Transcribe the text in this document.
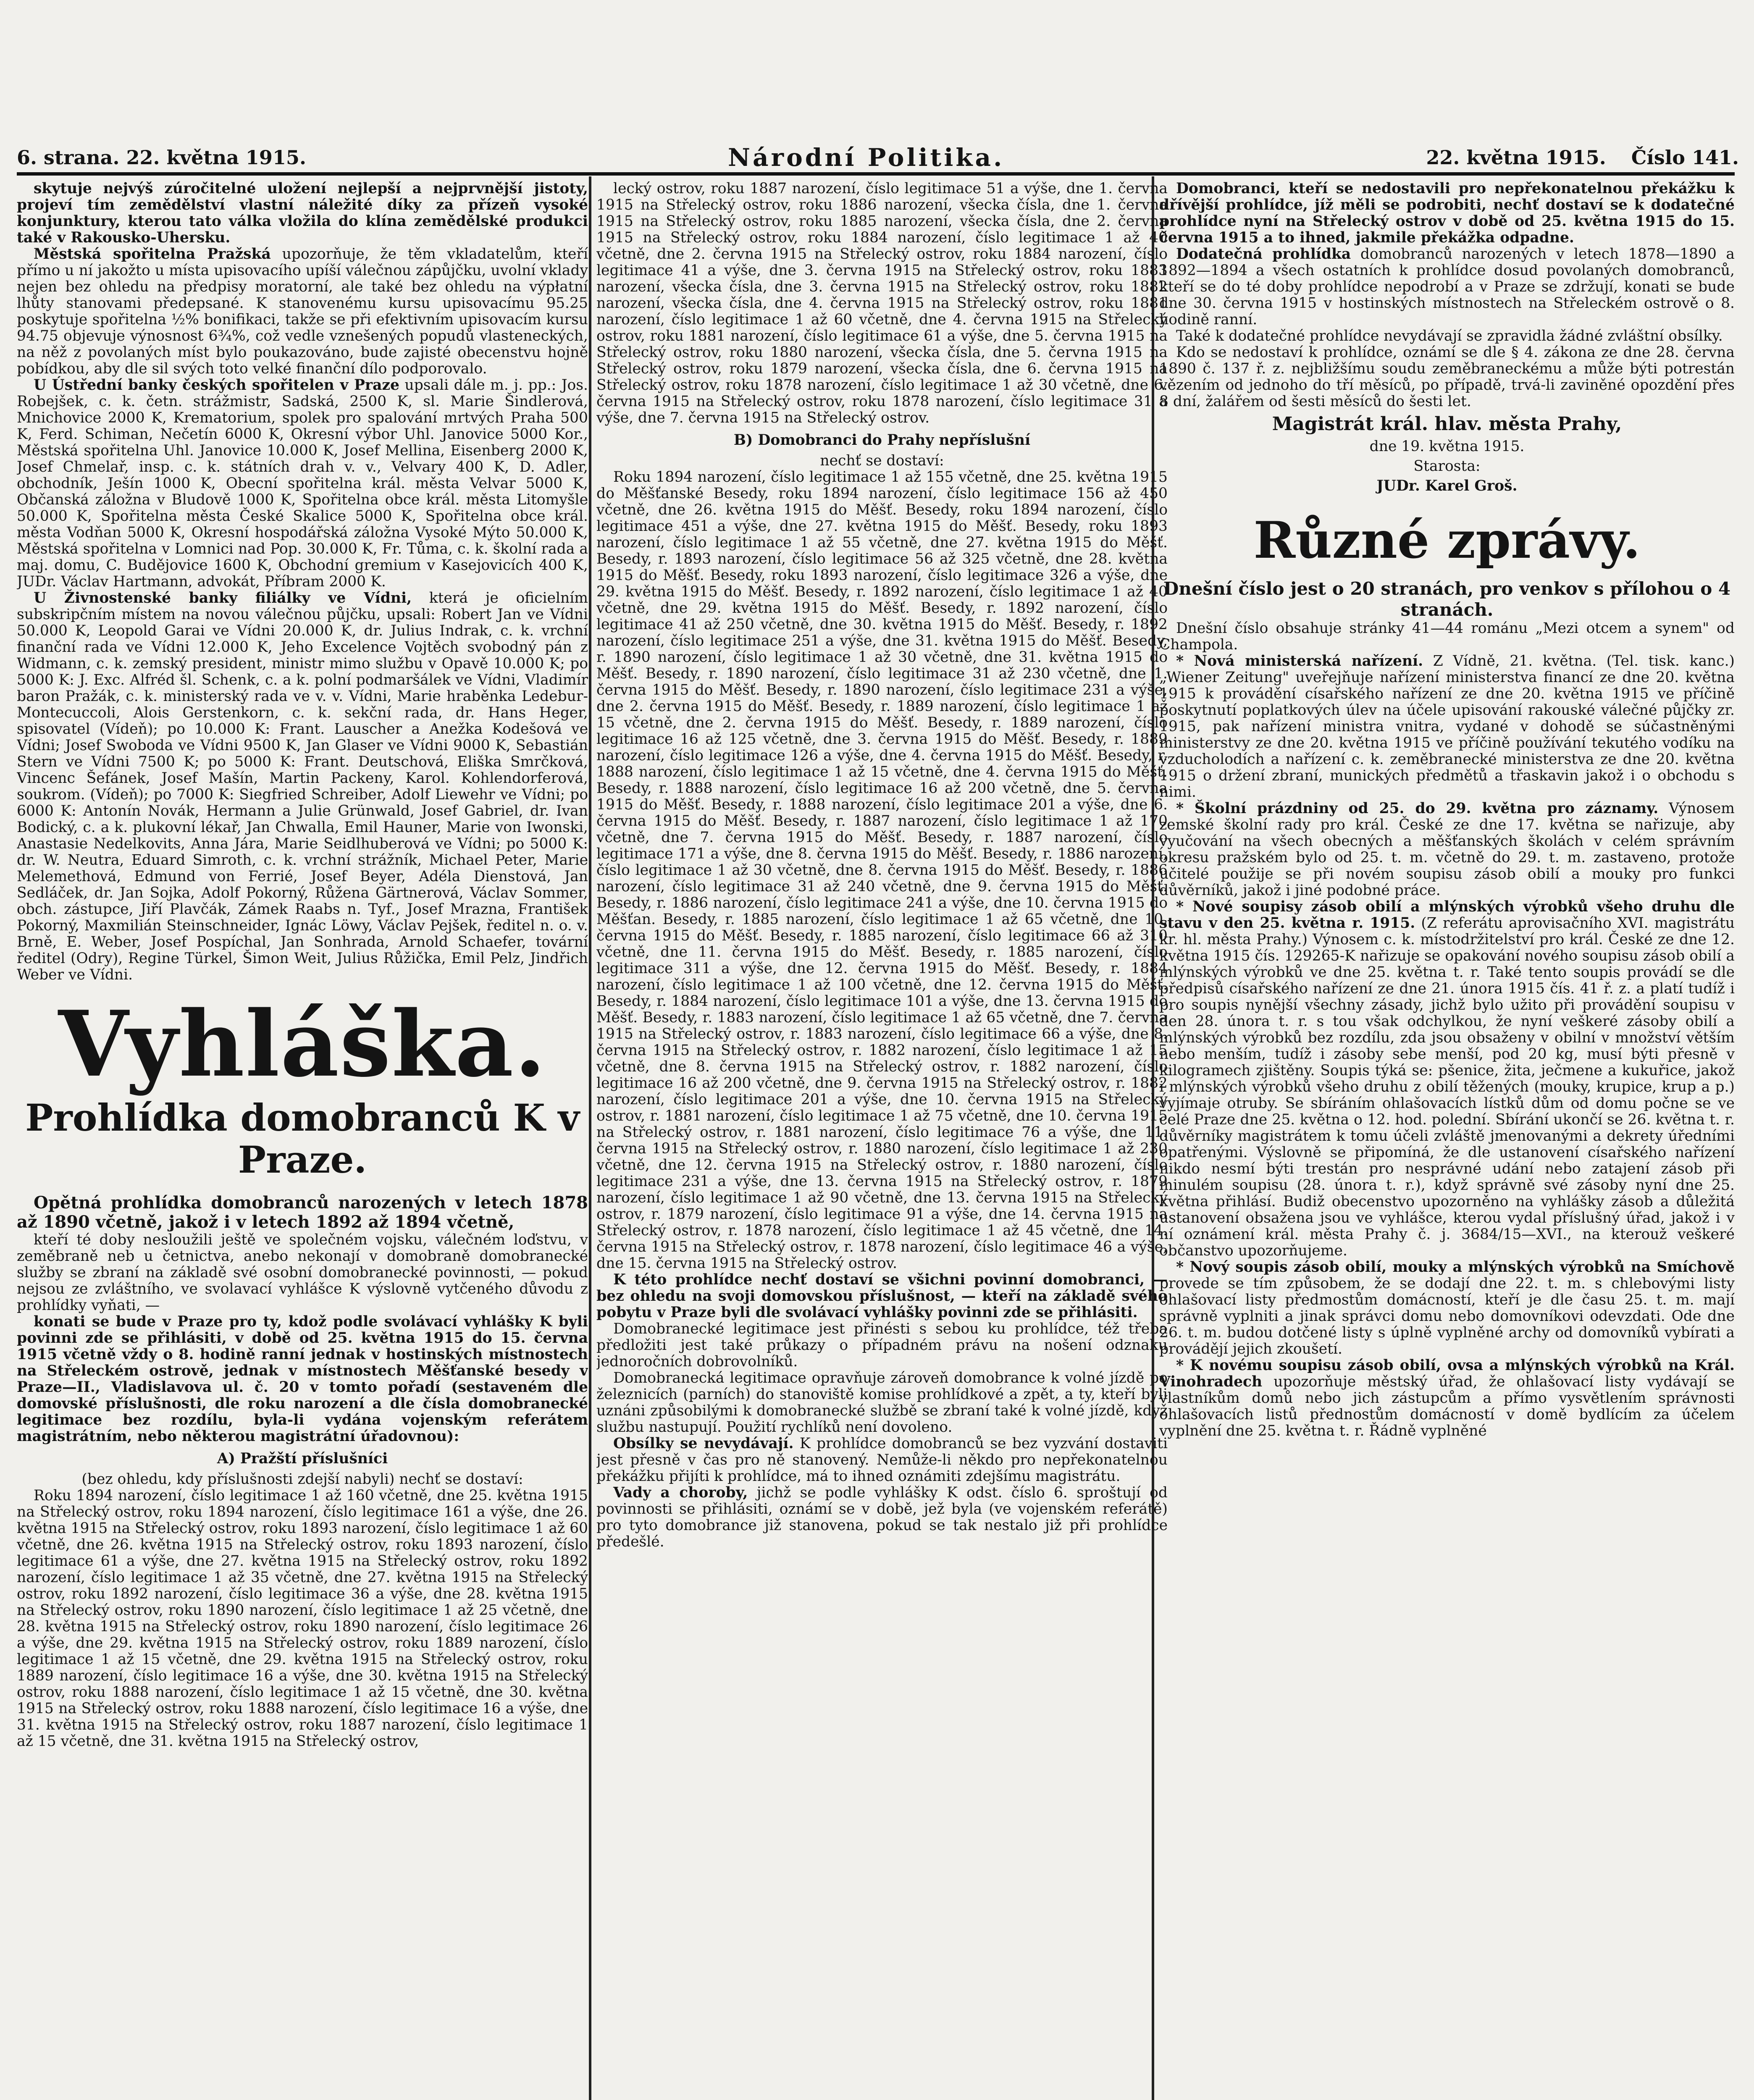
6. strana. 22. května 1915.	Národní Politika.	22. května 1915. Číslo 141.

skytuje nejvýš zúročitelné uložení nejlepší a nejprvnější jistoty, projeví tím zemědělství vlastní náležité díky za přízeň vysoké konjunktury, kterou tato válka vložila do klína zemědělské produkci také v Rakousko-Uhersku.

Městská spořitelna Pražská upozorňuje, že těm vkladatelům, kteří přímo u ní jakožto u místa upisovacího upíší válečnou zápůjčku, uvolní vklady nejen bez ohledu na předpisy moratorní, ale také bez ohledu na výpłatní lhůty stanovami předepsané. K stanovenému kursu upisovacímu 95.25 poskytuje spořitelna ½% bonifikaci, takže se při efektivním upisovacím kursu 94.75 objevuje výnosnost 6¾%, což vedle vznešených popudů vlasteneckých, na něž z povolaných míst bylo poukazováno, bude zajisté obecenstvu hojně pobídkou, aby dle sil svých toto velké finanční dílo podporovalo.

U Ústřední banky českých spořitelen v Praze upsali dále m. j. pp.: Jos. Robejšek, c. k. četn. strážmistr, Sadská, 2500 K, sl. Marie Šindlerová, Mnichovice 2000 K, Krematorium, spolek pro spalování mrtvých Praha 500 K, Ferd. Schiman, Nečetín 6000 K, Okresní výbor Uhl. Janovice 5000 Kor., Městská spořitelna Uhl. Janovice 10.000 K, Josef Mellina, Eisenberg 2000 K, Josef Chmelař, insp. c. k. státních drah v. v., Velvary 400 K, D. Adler, obchodník, Ješín 1000 K, Obecní spořitelna král. města Velvar 5000 K, Občanská záložna v Bludově 1000 K, Spořitelna obce král. města Litomyšle 50.000 K, Spořitelna města České Skalice 5000 K, Spořitelna obce král. města Vodňan 5000 K, Okresní hospodářská záložna Vysoké Mýto 50.000 K, Městská spořitelna v Lomnici nad Pop. 30.000 K, Fr. Tůma, c. k. školní rada a maj. domu, C. Budějovice 1600 K, Obchodní gremium v Kasejovicích 400 K, JUDr. Václav Hartmann, advokát, Příbram 2000 K.

U Živnostenské banky filiálky ve Vídni, která je oficielním subskripčním místem na novou válečnou půjčku, upsali: Robert Jan ve Vídni 50.000 K, Leopold Garai ve Vídni 20.000 K, dr. Julius Indrak, c. k. vrchní finanční rada ve Vídni 12.000 K, Jeho Excelence Vojtěch svobodný pán z Widmann, c. k. zemský president, ministr mimo službu v Opavě 10.000 K; po 5000 K: J. Exc. Alfréd šl. Schenk, c. a k. polní podmaršálek ve Vídni, Vladimír baron Pražák, c. k. ministerský rada ve v. v. Vídni, Marie hraběnka Ledebur-Montecuccoli, Alois Gerstenkorn, c. k. sekční rada, dr. Hans Heger, spisovatel (Vídeň); po 10.000 K: Frant. Lauscher a Anežka Kodešová ve Vídni; Josef Swoboda ve Vídni 9500 K, Jan Glaser ve Vídni 9000 K, Sebastián Stern ve Vídni 7500 K; po 5000 K: Frant. Deutschová, Eliška Smrčková, Vincenc Šefánek, Josef Mašín, Martin Packeny, Karol. Kohlendorferová, soukrom. (Vídeň); po 7000 K: Siegfried Schreiber, Adolf Liewehr ve Vídni; po 6000 K: Antonín Novák, Hermann a Julie Grünwald, Josef Gabriel, dr. Ivan Bodický, c. a k. plukovní lékař, Jan Chwalla, Emil Hauner, Marie von Iwonski, Anastasie Nedelkovits, Anna Jára, Marie Seidlhuberová ve Vídni; po 5000 K: dr. W. Neutra, Eduard Simroth, c. k. vrchní strážník, Michael Peter, Marie Melemethová, Edmund von Ferrié, Josef Beyer, Adéla Dienstová, Jan Sedláček, dr. Jan Sojka, Adolf Pokorný, Růžena Gärtnerová, Václav Sommer, obch. zástupce, Jiří Plavčák, Zámek Raabs n. Tyf., Josef Mrazna, František Pokorný, Maxmilián Steinschneider, Ignác Löwy, Václav Pejšek, ředitel n. o. v. Brně, E. Weber, Josef Pospíchal, Jan Sonhrada, Arnold Schaefer, tovární ředitel (Odry), Regine Türkel, Šimon Weit, Julius Růžička, Emil Pelz, Jindřich Weber ve Vídni.

Vyhláška.
Prohlídka domobranců K v Praze.

Opětná prohlídka domobranců narozených v letech 1878 až 1890 včetně, jakož i v letech 1892 až 1894 včetně,

kteří té doby nesloužili ještě ve společném vojsku, válečném loďstvu, v zeměbraně neb u četnictva, anebo nekonají v domobraně domobranecké služby se zbraní na základě své osobní domobranecké povinnosti, — pokud nejsou ze zvláštního, ve svolavací vyhlášce K výslovně vytčeného důvodu z prohlídky vyňati, —

konati se bude v Praze pro ty, kdož podle svolávací vyhlášky K byli povinni zde se přihlásiti, v době od 25. května 1915 do 15. června 1915 včetně vždy o 8. hodině ranní jednak v hostinských místnostech na Střeleckém ostrově, jednak v místnostech Měšťanské besedy v Praze—II., Vladislavova ul. č. 20 v tomto pořadí (sestaveném dle domovské příslušnosti, dle roku narození a dle čísla domobranecké legitimace bez rozdílu, byla-li vydána vojenským referátem magistrátním, nebo některou magistrátní úřadovnou):

A) Pražští příslušníci

(bez ohledu, kdy příslušnosti zdejší nabyli) nechť se dostaví:

Roku 1894 narození, číslo legitimace 1 až 160 včetně, dne 25. května 1915 na Střelecký ostrov, roku 1894 narození, číslo legitimace 161 a výše, dne 26. května 1915 na Střelecký ostrov, roku 1893 narození, číslo legitimace 1 až 60 včetně, dne 26. května 1915 na Střelecký ostrov, roku 1893 narození, číslo legitimace 61 a výše, dne 27. května 1915 na Střelecký ostrov, roku 1892 narození, číslo legitimace 1 až 35 včetně, dne 27. května 1915 na Střelecký ostrov, roku 1892 narození, číslo legitimace 36 a výše, dne 28. května 1915 na Střelecký ostrov, roku 1890 narození, číslo legitimace 1 až 25 včetně, dne 28. května 1915 na Střelecký ostrov, roku 1890 narození, číslo legitimace 26 a výše, dne 29. května 1915 na Střelecký ostrov, roku 1889 narození, číslo legitimace 1 až 15 včetně, dne 29. května 1915 na Střelecký ostrov, roku 1889 narození, číslo legitimace 16 a výše, dne 30. května 1915 na Střelecký ostrov, roku 1888 narození, číslo legitimace 1 až 15 včetně, dne 30. května 1915 na Střelecký ostrov, roku 1888 narození, číslo legitimace 16 a výše, dne 31. května 1915 na Střelecký ostrov, roku 1887 narození, číslo legitimace 1 až 15 včetně, dne 31. května 1915 na Střelecký ostrov,

lecký ostrov, roku 1887 narození, číslo legitimace 51 a výše, dne 1. června 1915 na Střelecký ostrov, roku 1886 narození, všecka čísla, dne 1. června 1915 na Střelecký ostrov, roku 1885 narození, všecka čísla, dne 2. června 1915 na Střelecký ostrov, roku 1884 narození, číslo legitimace 1 až 40 včetně, dne 2. června 1915 na Střelecký ostrov, roku 1884 narození, číslo legitimace 41 a výše, dne 3. června 1915 na Střelecký ostrov, roku 1883 narození, všecka čísla, dne 3. června 1915 na Střelecký ostrov, roku 1882 narození, všecka čísla, dne 4. června 1915 na Střelecký ostrov, roku 1881 narození, číslo legitimace 1 až 60 včetně, dne 4. června 1915 na Střelecký ostrov, roku 1881 narození, číslo legitimace 61 a výše, dne 5. června 1915 na Střelecký ostrov, roku 1880 narození, všecka čísla, dne 5. června 1915 na Střelecký ostrov, roku 1879 narození, všecka čísla, dne 6. června 1915 na Střelecký ostrov, roku 1878 narození, číslo legitimace 1 až 30 včetně, dne 6. června 1915 na Střelecký ostrov, roku 1878 narození, číslo legitimace 31 a výše, dne 7. června 1915 na Střelecký ostrov.

B) Domobranci do Prahy nepříslušní

nechť se dostaví:

Roku 1894 narození, číslo legitimace 1 až 155 včetně, dne 25. května 1915 do Měšťanské Besedy, roku 1894 narození, číslo legitimace 156 až 450 včetně, dne 26. května 1915 do Měšť. Besedy, roku 1894 narození, číslo legitimace 451 a výše, dne 27. května 1915 do Měšť. Besedy, roku 1893 narození, číslo legitimace 1 až 55 včetně, dne 27. května 1915 do Měšť. Besedy, r. 1893 narození, číslo legitimace 56 až 325 včetně, dne 28. května 1915 do Měšť. Besedy, roku 1893 narození, číslo legitimace 326 a výše, dne 29. května 1915 do Měšť. Besedy, r. 1892 narození, číslo legitimace 1 až 40 včetně, dne 29. května 1915 do Měšť. Besedy, r. 1892 narození, číslo legitimace 41 až 250 včetně, dne 30. května 1915 do Měšť. Besedy, r. 1892 narození, číslo legitimace 251 a výše, dne 31. května 1915 do Měšť. Besedy, r. 1890 narození, číslo legitimace 1 až 30 včetně, dne 31. května 1915 do Měšť. Besedy, r. 1890 narození, číslo legitimace 31 až 230 včetně, dne 1. června 1915 do Měšť. Besedy, r. 1890 narození, číslo legitimace 231 a výše, dne 2. června 1915 do Měšť. Besedy, r. 1889 narození, číslo legitimace 1 až 15 včetně, dne 2. června 1915 do Měšť. Besedy, r. 1889 narození, číslo legitimace 16 až 125 včetně, dne 3. června 1915 do Měšť. Besedy, r. 1889 narození, číslo legitimace 126 a výše, dne 4. června 1915 do Měšť. Besedy, r. 1888 narození, číslo legitimace 1 až 15 včetně, dne 4. června 1915 do Měšť. Besedy, r. 1888 narození, číslo legitimace 16 až 200 včetně, dne 5. června 1915 do Měšť. Besedy, r. 1888 narození, číslo legitimace 201 a výše, dne 6. června 1915 do Měšť. Besedy, r. 1887 narození, číslo legitimace 1 až 170 včetně, dne 7. června 1915 do Měšť. Besedy, r. 1887 narození, číslo legitimace 171 a výše, dne 8. června 1915 do Měšť. Besedy, r. 1886 narození, číslo legitimace 1 až 30 včetně, dne 8. června 1915 do Měšť. Besedy, r. 1886 narození, číslo legitimace 31 až 240 včetně, dne 9. června 1915 do Měšť. Besedy, r. 1886 narození, číslo legitimace 241 a výše, dne 10. června 1915 do Měšťan. Besedy, r. 1885 narození, číslo legitimace 1 až 65 včetně, dne 10. června 1915 do Měšť. Besedy, r. 1885 narození, číslo legitimace 66 až 310 včetně, dne 11. června 1915 do Měšť. Besedy, r. 1885 narození, číslo legitimace 311 a výše, dne 12. června 1915 do Měšť. Besedy, r. 1884 narození, číslo legitimace 1 až 100 včetně, dne 12. června 1915 do Měšť. Besedy, r. 1884 narození, číslo legitimace 101 a výše, dne 13. června 1915 do Měšť. Besedy, r. 1883 narození, číslo legitimace 1 až 65 včetně, dne 7. června 1915 na Střelecký ostrov, r. 1883 narození, číslo legitimace 66 a výše, dne 8. června 1915 na Střelecký ostrov, r. 1882 narození, číslo legitimace 1 až 15 včetně, dne 8. června 1915 na Střelecký ostrov, r. 1882 narození, číslo legitimace 16 až 200 včetně, dne 9. června 1915 na Střelecký ostrov, r. 1882 narození, číslo legitimace 201 a výše, dne 10. června 1915 na Střelecký ostrov, r. 1881 narození, číslo legitimace 1 až 75 včetně, dne 10. června 1915 na Střelecký ostrov, r. 1881 narození, číslo legitimace 76 a výše, dne 11. června 1915 na Střelecký ostrov, r. 1880 narození, číslo legitimace 1 až 230 včetně, dne 12. června 1915 na Střelecký ostrov, r. 1880 narození, číslo legitimace 231 a výše, dne 13. června 1915 na Střelecký ostrov, r. 1879 narození, číslo legitimace 1 až 90 včetně, dne 13. června 1915 na Střelecký ostrov, r. 1879 narození, číslo legitimace 91 a výše, dne 14. června 1915 na Střelecký ostrov, r. 1878 narození, číslo legitimace 1 až 45 včetně, dne 14. června 1915 na Střelecký ostrov, r. 1878 narození, číslo legitimace 46 a výše, dne 15. června 1915 na Střelecký ostrov.

K této prohlídce nechť dostaví se všichni povinní domobranci, — bez ohledu na svoji domovskou příslušnost, — kteří na základě svého pobytu v Praze byli dle svolávací vyhlášky povinni zde se přihlásiti.

Domobranecké legitimace jest přinésti s sebou ku prohlídce, též třeba předložiti jest také průkazy o případném právu na nošení odznaku jednoročních dobrovolníků.

Domobranecká legitimace opravňuje zároveň domobrance k volné jízdě po železnicích (parních) do stanoviště komise prohlídkové a zpět, a ty, kteří byli uznáni způsobilými k domobranecké službě se zbraní také k volné jízdě, když službu nastupují. Použití rychlíků není dovoleno.

Obsílky se nevydávají. K prohlídce domobranců se bez vyzvání dostaviti jest přesně v čas pro ně stanovený. Nemůže-li někdo pro nepřekonatelnou překážku přijíti k prohlídce, má to ihned oznámiti zdejšímu magistrátu.

Vady a choroby, jichž se podle vyhlášky K odst. číslo 6. sproštují od povinnosti se přihlásiti, oznámí se v době, jež byla (ve vojenském referátě) pro tyto domobrance již stanovena, pokud se tak nestalo již při prohlídce předešlé.

Domobranci, kteří se nedostavili pro nepřekonatelnou překážku k dřívější prohlídce, jíž měli se podrobiti, nechť dostaví se k dodatečné prohlídce nyní na Střelecký ostrov v době od 25. května 1915 do 15. června 1915 a to ihned, jakmile překážka odpadne.

Dodatečná prohlídka domobranců narozených v letech 1878—1890 a 1892—1894 a všech ostatních k prohlídce dosud povolaných domobranců, kteří se do té doby prohlídce nepodrobí a v Praze se zdržují, konati se bude dne 30. června 1915 v hostinských místnostech na Střeleckém ostrově o 8. hodině ranní.

Také k dodatečné prohlídce nevydávají se zpravidla žádné zvláštní obsílky.

Kdo se nedostaví k prohlídce, oznámí se dle § 4. zákona ze dne 28. června 1890 č. 137 ř. z. nejbližšímu soudu zeměbraneckému a může býti potrestán vězením od jednoho do tří měsíců, po případě, trvá-li zaviněné opozdění přes 8 dní, žalářem od šesti měsíců do šesti let.

Magistrát král. hlav. města Prahy,

dne 19. května 1915.

Starosta:

JUDr. Karel Groš.

Různé zprávy.

Dnešní číslo jest o 20 stranách, pro venkov s přílohou o 4 stranách.

Dnešní číslo obsahuje stránky 41—44 románu „Mezi otcem a synem" od Champola.

* Nová ministerská nařízení. Z Vídně, 21. května. (Tel. tisk. kanc.) „Wiener Zeitung" uveřejňuje nařízení ministerstva financí ze dne 20. května 1915 k provádění císařského nařízení ze dne 20. května 1915 ve příčině poskytnutí poplatkových úlev na účele upisování rakouské válečné půjčky zr. 1915, pak nařízení ministra vnitra, vydané v dohodě se súčastněnými ministerstvy ze dne 20. května 1915 ve příčině používání tekutého vodíku na vzducholodích a nařízení c. k. zeměbranecké ministerstva ze dne 20. května 1915 o držení zbraní, munických předmětů a třaskavin jakož i o obchodu s nimi.

* Školní prázdniny od 25. do 29. května pro záznamy. Výnosem zemské školní rady pro král. České ze dne 17. května se nařizuje, aby vyučování na všech obecných a měšťanských školách v celém správním okresu pražském bylo od 25. t. m. včetně do 29. t. m. zastaveno, protože učitelé použije se při novém soupisu zásob obilí a mouky pro funkci důvěrníků, jakož i jiné podobné práce.

* Nové soupisy zásob obilí a mlýnských výrobků všeho druhu dle stavu v den 25. května r. 1915. (Z referátu aprovisačního XVI. magistrátu kr. hl. města Prahy.) Výnosem c. k. místodržitelství pro král. České ze dne 12. května 1915 čís. 129265-K nařizuje se opakování nového soupisu zásob obilí a mlýnských výrobků ve dne 25. května t. r. Také tento soupis provádí se dle předpisů císařského nařízení ze dne 21. února 1915 čís. 41 ř. z. a platí tudíž i pro soupis nynější všechny zásady, jichž bylo užito při provádění soupisu v den 28. února t. r. s tou však odchylkou, že nyní veškeré zásoby obilí a mlýnských výrobků bez rozdílu, zda jsou obsaženy v obilní v množství větším nebo menším, tudíž i zásoby sebe menší, pod 20 kg, musí býti přesně v kilogramech zjištěny. Soupis týká se: pšenice, žita, ječmene a kukuřice, jakož i mlýnských výrobků všeho druhu z obilí těžených (mouky, krupice, krup a p.) vyjímaje otruby. Se sbíráním ohlašovacích lístků dům od domu počne se ve celé Praze dne 25. května o 12. hod. polední. Sbírání ukončí se 26. května t. r. důvěrníky magistrátem k tomu účeli zvláště jmenovanými a dekrety úředními opatřenými. Výslovně se připomíná, že dle ustanovení císařského nařízení nikdo nesmí býti trestán pro nesprávné udání nebo zatajení zásob při minulém soupisu (28. února t. r.), když správně své zásoby nyní dne 25. května přihlásí. Budiž obecenstvo upozorněno na vyhlášky zásob a důležitá ustanovení obsažena jsou ve vyhlášce, kterou vydal příslušný úřad, jakož i v ní oznámení král. města Prahy č. j. 3684/15—XVI., na kterouž veškeré občanstvo upozorňujeme.

* Nový soupis zásob obilí, mouky a mlýnských výrobků na Smíchově provede se tím způsobem, že se dodají dne 22. t. m. s chlebovými listy ohlašovací listy předmostům domácností, kteří je dle času 25. t. m. mají správně vyplniti a jinak správci domu nebo domovníkovi odevzdati. Ode dne 26. t. m. budou dotčené listy s úplně vyplněné archy od domovníků vybírati a provádějí jejich zkoušetí.

* K novému soupisu zásob obilí, ovsa a mlýnských výrobků na Král. Vinohradech upozorňuje městský úřad, že ohlašovací listy vydávají se vlastníkům domů nebo jich zástupcům a přímo vysvětlením správnosti ohlašovacích listů přednostům domácností v domě bydlícím za účelem vyplnění dne 25. května t. r. Řádně vyplněné
